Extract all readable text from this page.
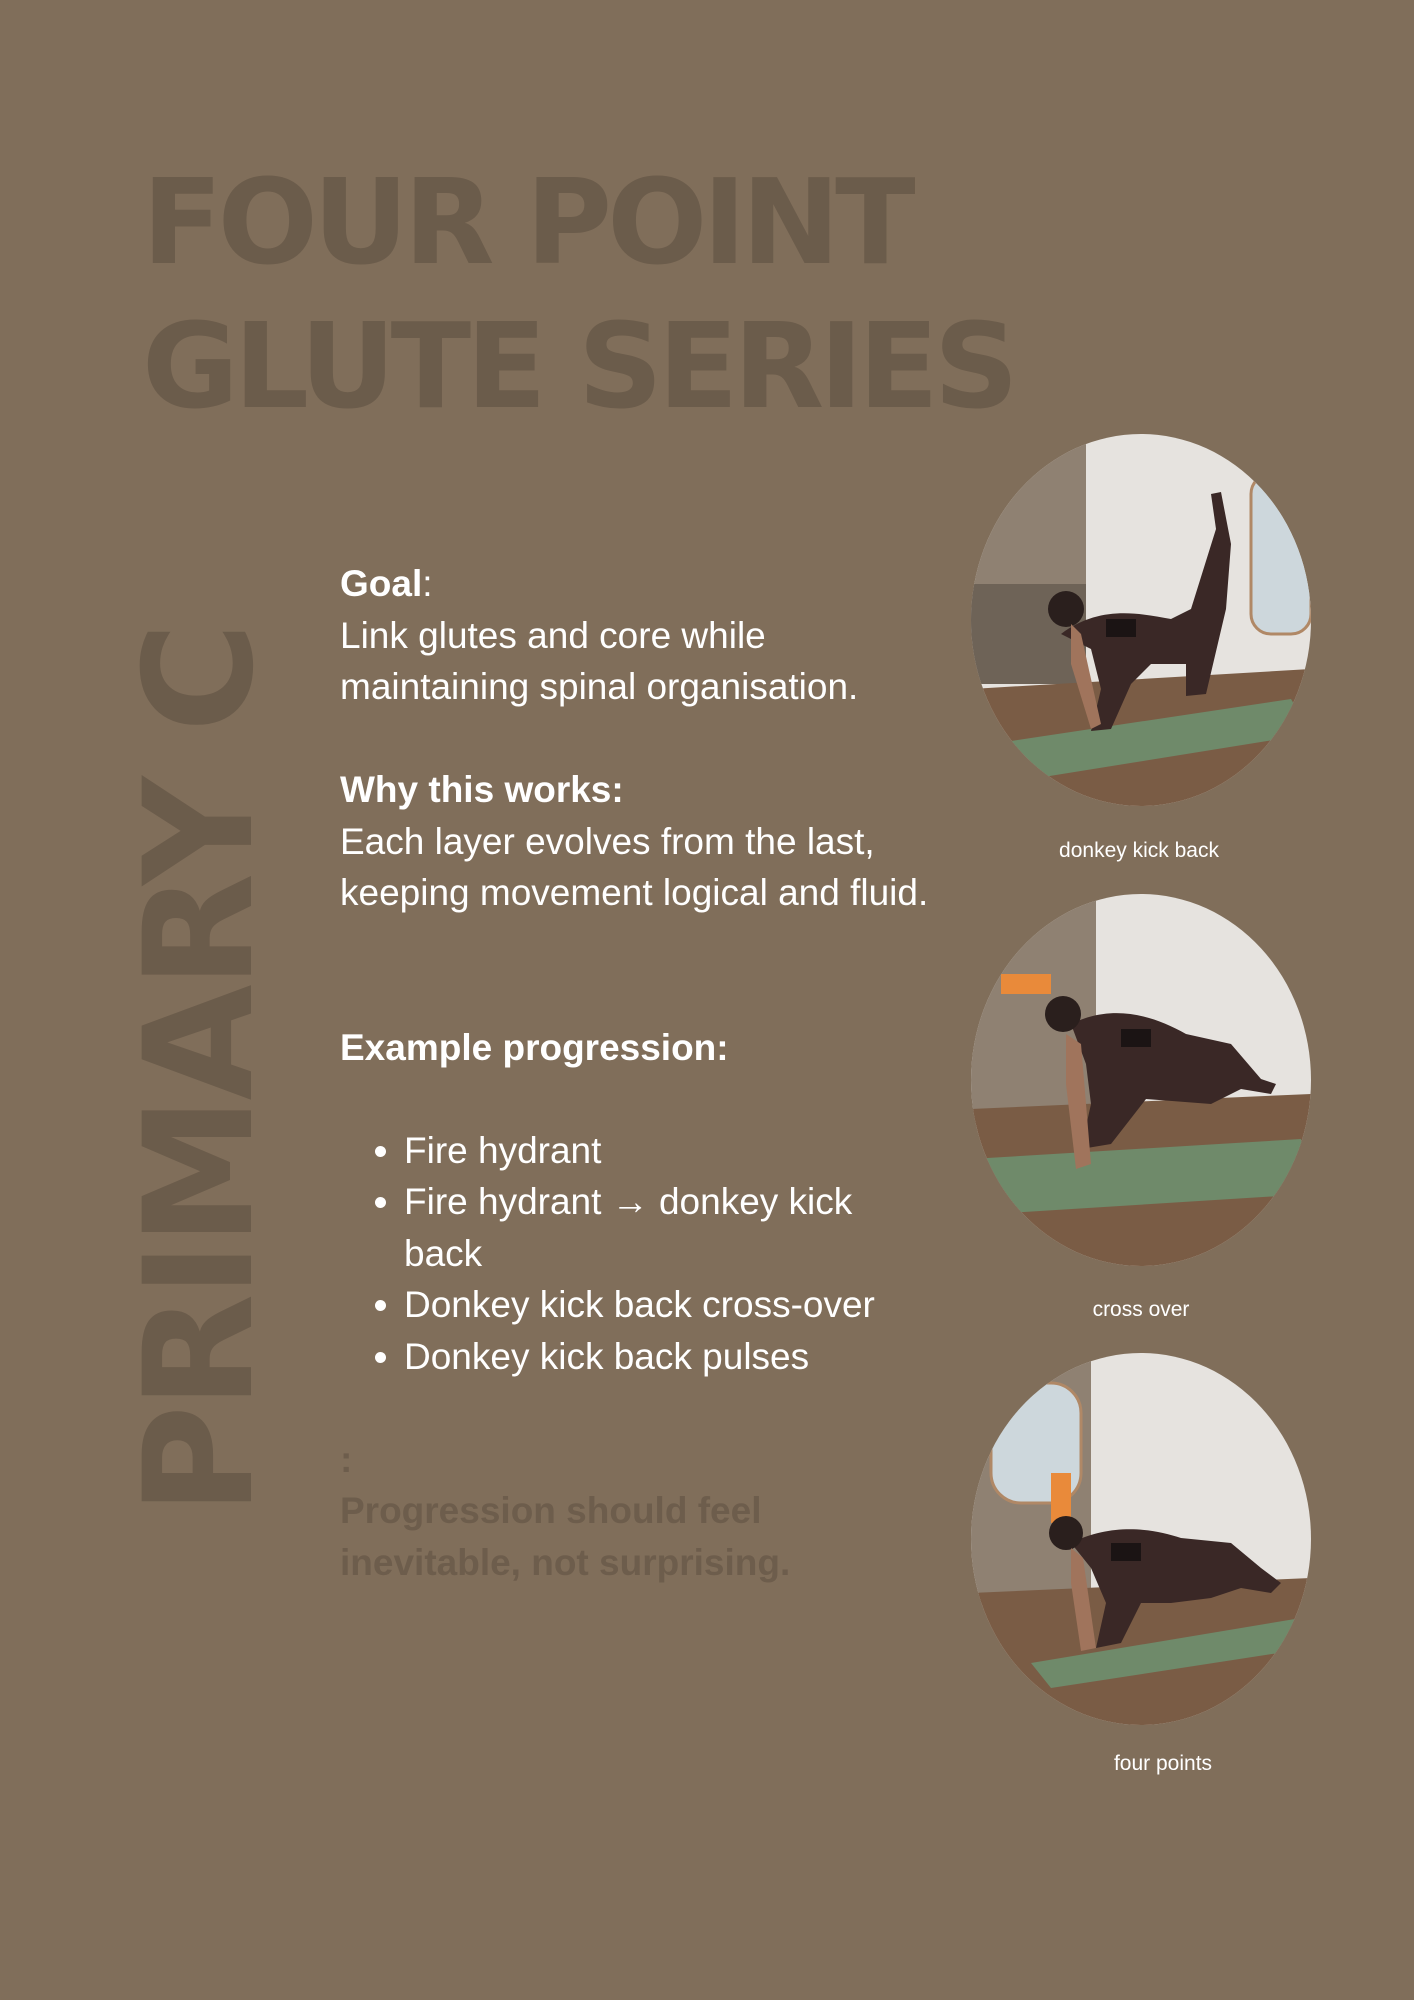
FOUR POINT
GLUTE SERIES
PRIMARY C

Goal:

Link glutes and core while maintaining spinal organisation.

Why this works:

Each layer evolves from the last, keeping movement logical and fluid.

Example progression:

• Fire hydrant
• Fire hydrant → donkey kick back
• Donkey kick back cross-over
• Donkey kick back pulses

:

Progression should feel inevitable, not surprising.

donkey kick back
cross over
four points
